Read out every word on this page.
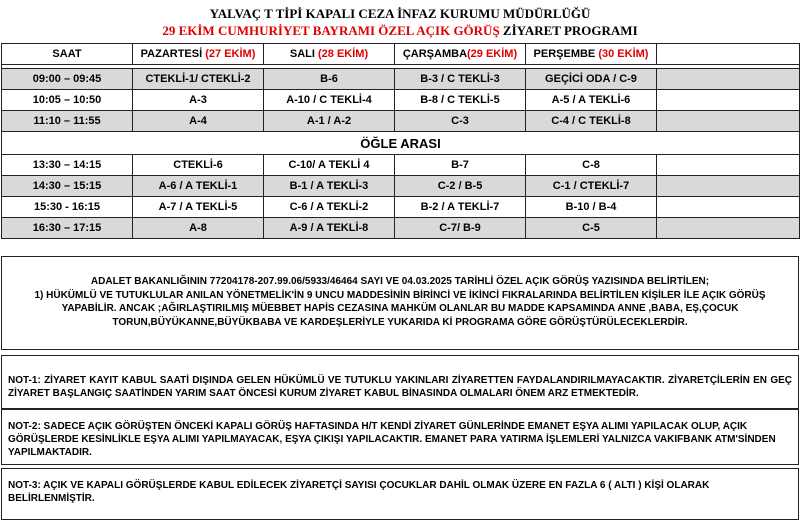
YALVAÇ T TİPİ KAPALI CEZA İNFAZ KURUMU MÜDÜRLÜĞÜ
29 EKİM CUMHURİYET BAYRAMI ÖZEL AÇIK GÖRÜŞ ZİYARET PROGRAMI
SAAT	PAZARTESİ (27 EKİM)	SALI (28 EKİM)	ÇARŞAMBA(29 EKİM)	PERŞEMBE (30 EKİM)	

09:00 – 09:45	CTEKLİ-1/ CTEKLİ-2	B-6	B-3 / C TEKLİ-3	GEÇİCİ ODA / C-9	
10:05 – 10:50	A-3	A-10 / C TEKLİ-4	B-8 / C TEKLİ-5	A-5 / A TEKLİ-6	
11:10 – 11:55	A-4	A-1 / A-2	C-3	C-4 / C TEKLİ-8	
ÖĞLE ARASI					
13:30 – 14:15	CTEKLİ-6	C-10/ A TEKLİ 4	B-7	C-8	
14:30 – 15:15	A-6 / A TEKLİ-1	B-1 / A TEKLİ-3	C-2 / B-5	C-1 / CTEKLİ-7	
15:30 - 16:15	A-7 / A TEKLİ-5	C-6 / A TEKLİ-2	B-2 / A TEKLİ-7	B-10 / B-4	
16:30 – 17:15	A-8	A-9 / A TEKLİ-8	C-7/ B-9	C-5	
ADALET BAKANLIĞININ 77204178-207.99.06/5933/46464 SAYI VE 04.03.2025 TARİHLİ ÖZEL AÇIK GÖRÜŞ YAZISINDA BELİRTİLEN;
1) HÜKÜMLÜ VE TUTUKLULAR ANILAN YÖNETMELİK'İN 9 UNCU MADDESİNİN BİRİNCİ VE İKİNCİ FIKRALARINDA BELİRTİLEN KİŞİLER İLE AÇIK GÖRÜŞ YAPABİLİR. ANCAK ;AĞIRLAŞTIRILMIŞ MÜEBBET HAPİS CEZASINA MAHKÜM OLANLAR BU MADDE KAPSAMINDA ANNE ,BABA, EŞ,ÇOCUK TORUN,BÜYÜKANNE,BÜYÜKBABA VE KARDEŞLERİYLE YUKARIDA Kİ PROGRAMA GÖRE GÖRÜŞTÜRÜLECEKLERDİR.
NOT-1: ZİYARET KAYIT KABUL SAATİ DIŞINDA GELEN HÜKÜMLÜ VE TUTUKLU YAKINLARI ZİYARETTEN FAYDALANDIRILMAYACAKTIR. ZİYARETÇİLERİN EN GEÇ ZİYARET BAŞLANGIÇ SAATİNDEN YARIM SAAT ÖNCESİ KURUM ZİYARET KABUL BİNASINDA OLMALARI ÖNEM ARZ ETMEKTEDİR.
NOT-2: SADECE AÇIK GÖRÜŞTEN ÖNCEKİ KAPALI GÖRÜŞ HAFTASINDA H/T KENDİ ZİYARET GÜNLERİNDE EMANET EŞYA ALIMI YAPILACAK OLUP, AÇIK GÖRÜŞLERDE KESİNLİKLE EŞYA ALIMI YAPILMAYACAK, EŞYA ÇIKIŞI YAPILACAKTIR. EMANET PARA YATIRMA İŞLEMLERİ YALNIZCA VAKIFBANK ATM'SİNDEN YAPILMAKTADIR.
NOT-3: AÇIK VE KAPALI GÖRÜŞLERDE KABUL EDİLECEK ZİYARETÇİ SAYISI ÇOCUKLAR DAHİL OLMAK ÜZERE EN FAZLA 6 ( ALTI ) KİŞİ OLARAK BELİRLENMİŞTİR.
